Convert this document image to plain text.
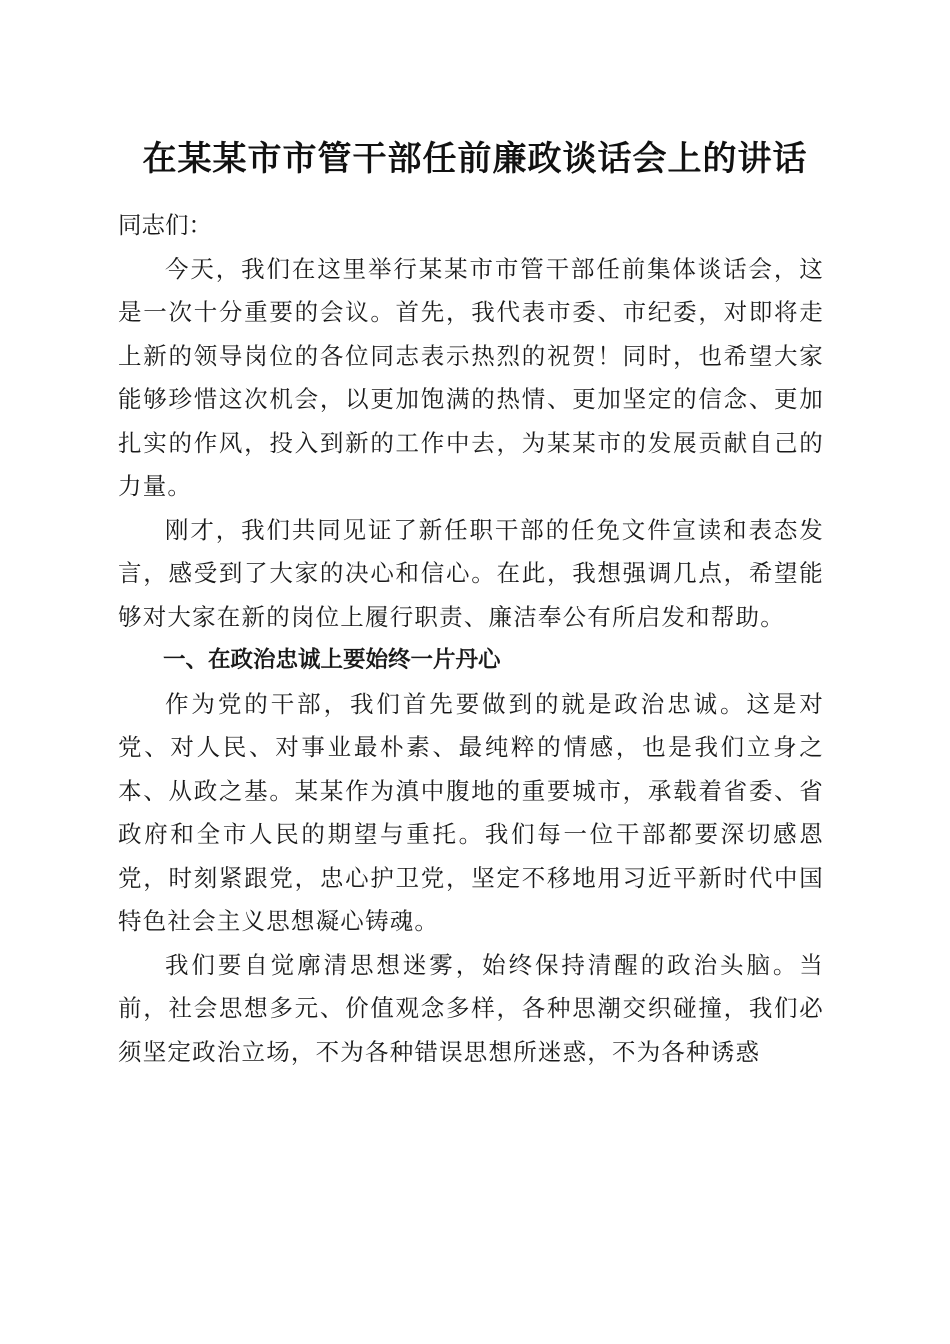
在某某市市管干部任前廉政谈话会上的讲话

同志们：

今天，我们在这里举行某某市市管干部任前集体谈话会，这是一次十分重要的会议。首先，我代表市委、市纪委，对即将走上新的领导岗位的各位同志表示热烈的祝贺！同时，也希望大家能够珍惜这次机会，以更加饱满的热情、更加坚定的信念、更加扎实的作风，投入到新的工作中去，为某某市的发展贡献自己的力量。

刚才，我们共同见证了新任职干部的任免文件宣读和表态发言，感受到了大家的决心和信心。在此，我想强调几点，希望能够对大家在新的岗位上履行职责、廉洁奉公有所启发和帮助。

一、在政治忠诚上要始终一片丹心

作为党的干部，我们首先要做到的就是政治忠诚。这是对党、对人民、对事业最朴素、最纯粹的情感，也是我们立身之本、从政之基。某某作为滇中腹地的重要城市，承载着省委、省政府和全市人民的期望与重托。我们每一位干部都要深切感恩党，时刻紧跟党，忠心护卫党，坚定不移地用习近平新时代中国特色社会主义思想凝心铸魂。

我们要自觉廓清思想迷雾，始终保持清醒的政治头脑。当前，社会思想多元、价值观念多样，各种思潮交织碰撞，我们必须坚定政治立场，不为各种错误思想所迷惑，不为各种诱惑
